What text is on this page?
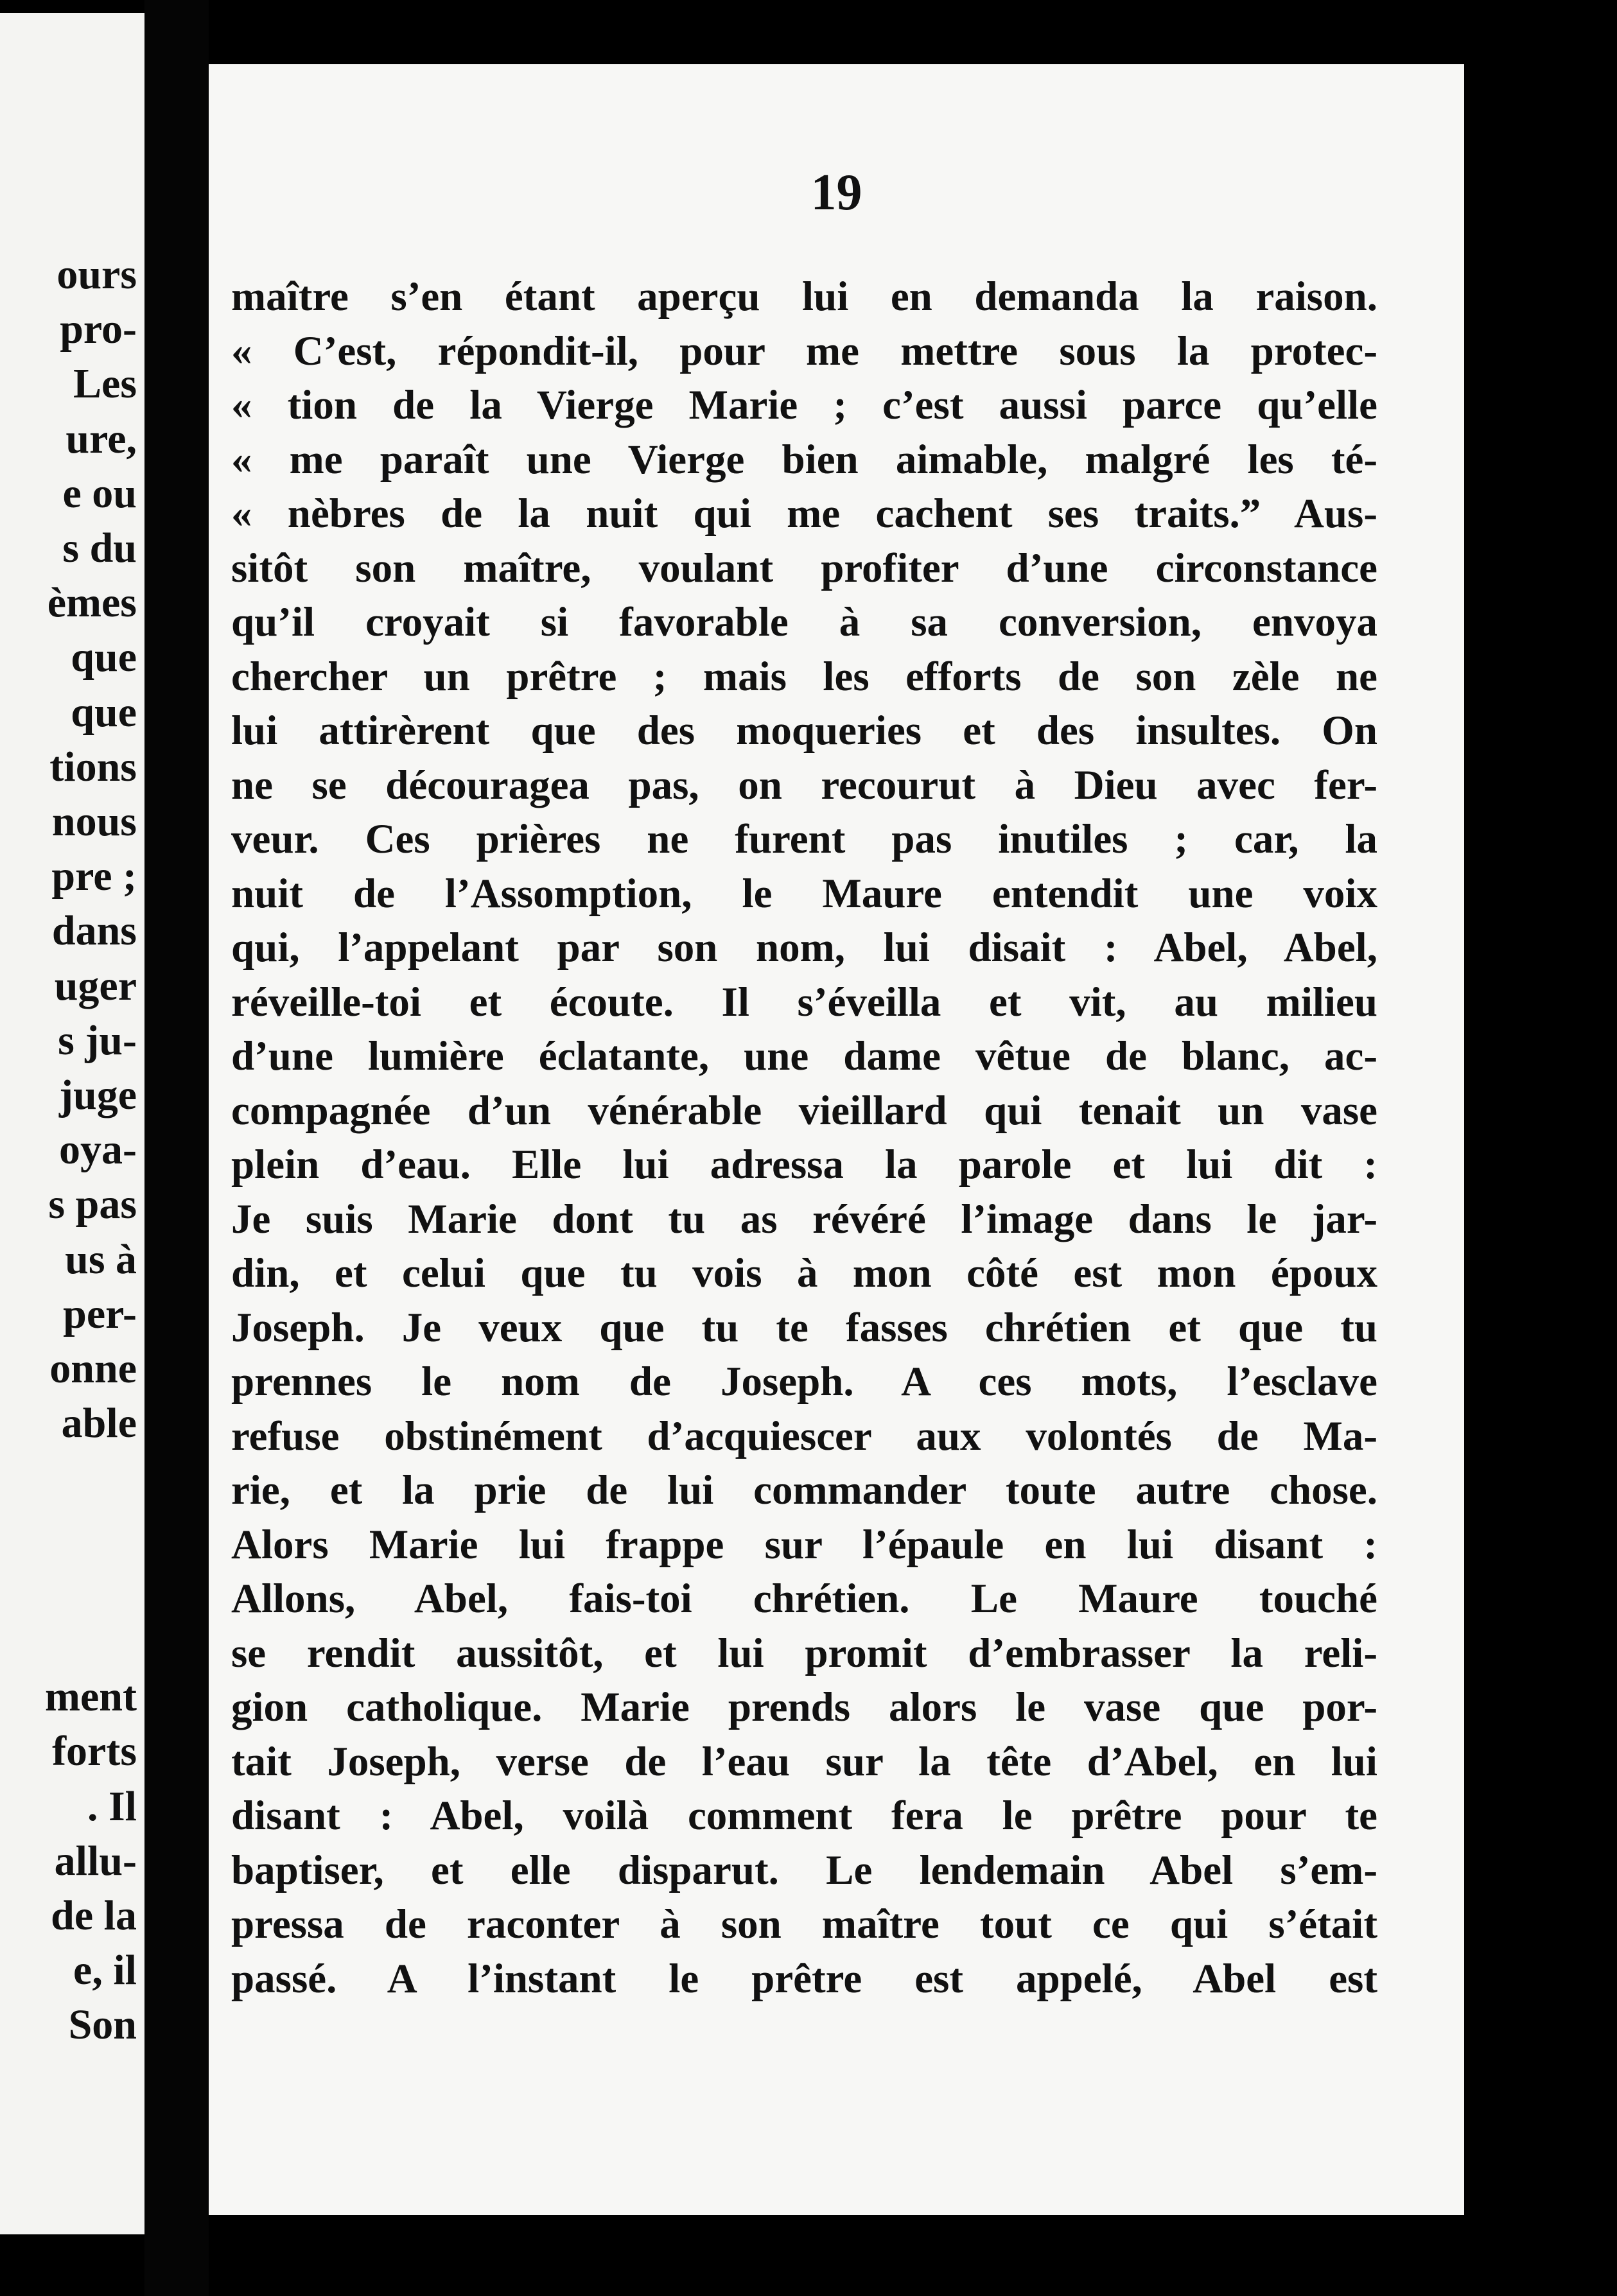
ours
pro-
Les
ure,
e ou
s du
èmes
que
que
tions
nous
pre ;
dans
uger
s ju-
juge
oya-
s pas
us à
per-
onne
able
ment
forts
. Il
allu-
de la
e, il
Son
19
maître s’en étant aperçu lui en demanda la raison.
« C’est, répondit-il, pour me mettre sous la protec-
« tion de la Vierge Marie ; c’est aussi parce qu’elle
« me paraît une Vierge bien aimable, malgré les té-
« nèbres de la nuit qui me cachent ses traits.” Aus-
sitôt son maître, voulant profiter d’une circonstance
qu’il croyait si favorable à sa conversion, envoya
chercher un prêtre ; mais les efforts de son zèle ne
lui attirèrent que des moqueries et des insultes. On
ne se découragea pas, on recourut à Dieu avec fer-
veur. Ces prières ne furent pas inutiles ; car, la
nuit de l’Assomption, le Maure entendit une voix
qui, l’appelant par son nom, lui disait : Abel, Abel,
réveille-toi et écoute. Il s’éveilla et vit, au milieu
d’une lumière éclatante, une dame vêtue de blanc, ac-
compagnée d’un vénérable vieillard qui tenait un vase
plein d’eau. Elle lui adressa la parole et lui dit :
Je suis Marie dont tu as révéré l’image dans le jar-
din, et celui que tu vois à mon côté est mon époux
Joseph. Je veux que tu te fasses chrétien et que tu
prennes le nom de Joseph. A ces mots, l’esclave
refuse obstinément d’acquiescer aux volontés de Ma-
rie, et la prie de lui commander toute autre chose.
Alors Marie lui frappe sur l’épaule en lui disant :
Allons, Abel, fais-toi chrétien. Le Maure touché
se rendit aussitôt, et lui promit d’embrasser la reli-
gion catholique. Marie prends alors le vase que por-
tait Joseph, verse de l’eau sur la tête d’Abel, en lui
disant : Abel, voilà comment fera le prêtre pour te
baptiser, et elle disparut. Le lendemain Abel s’em-
pressa de raconter à son maître tout ce qui s’était
passé. A l’instant le prêtre est appelé, Abel est
